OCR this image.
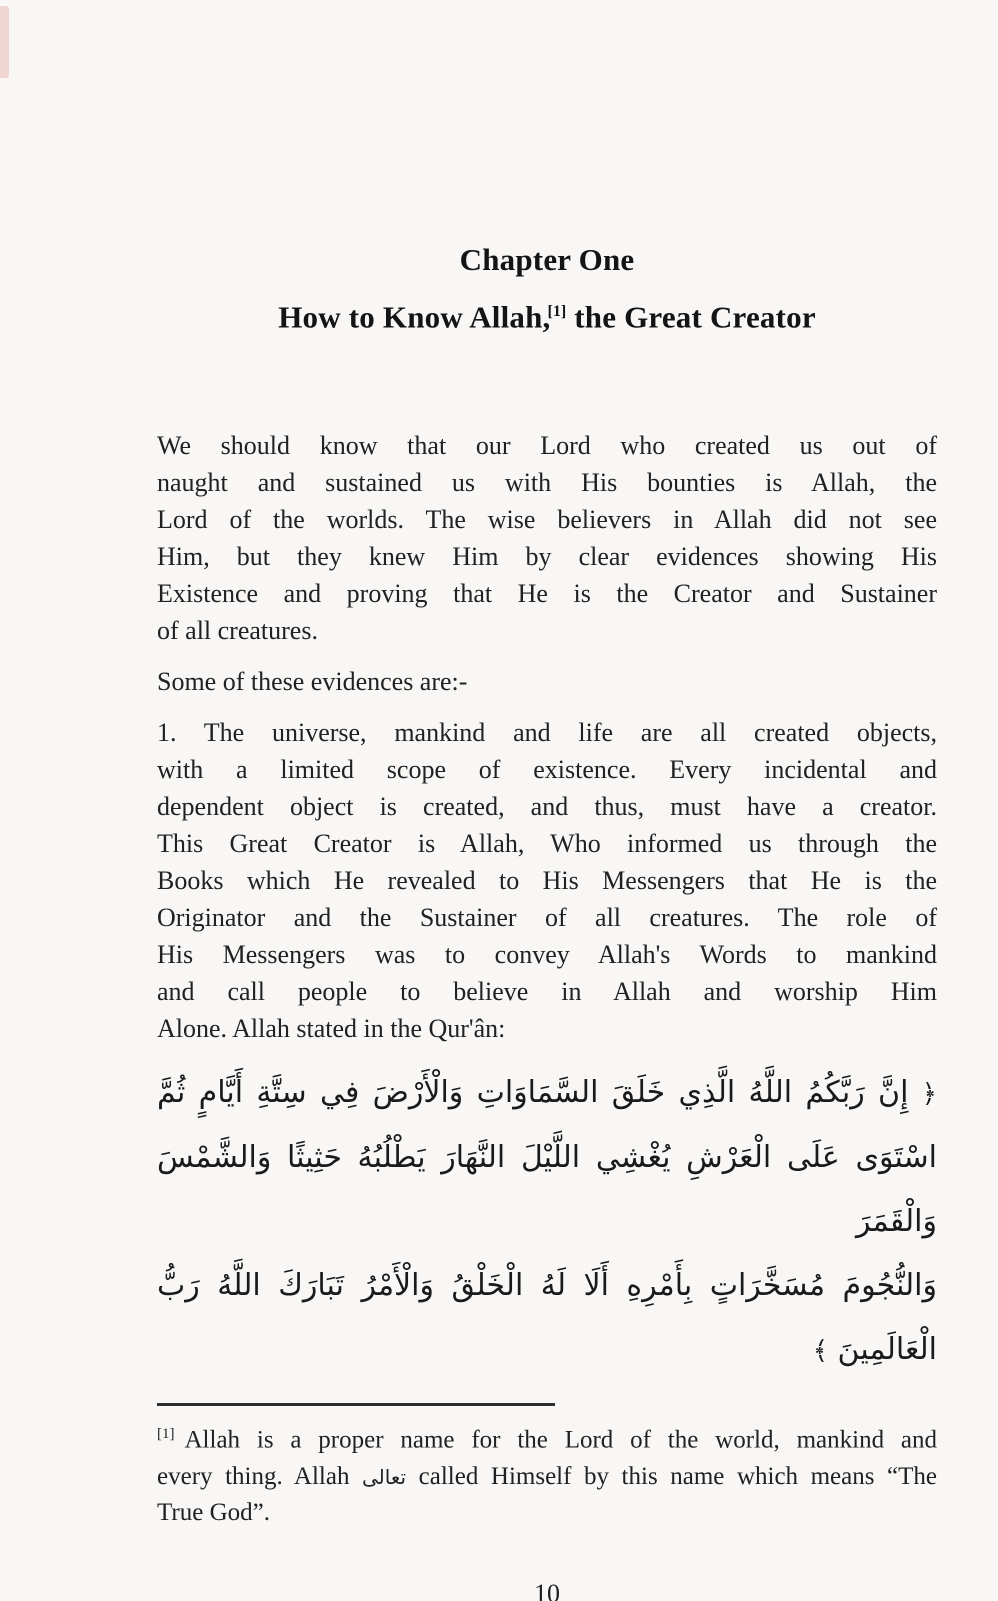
Chapter One
How to Know Allah,[1] the Great Creator
We should know that our Lord who created us out of
naught and sustained us with His bounties is Allah, the
Lord of the worlds. The wise believers in Allah did not see
Him, but they knew Him by clear evidences showing His
Existence and proving that He is the Creator and Sustainer
of all creatures.
Some of these evidences are:-
1. The universe, mankind and life are all created objects,
with a limited scope of existence. Every incidental and
dependent object is created, and thus, must have a creator.
This Great Creator is Allah, Who informed us through the
Books which He revealed to His Messengers that He is the
Originator and the Sustainer of all creatures. The role of
His Messengers was to convey Allah's Words to mankind
and call people to believe in Allah and worship Him
Alone. Allah stated in the Qur'ân:
﴿ إِنَّ رَبَّكُمُ اللَّهُ الَّذِي خَلَقَ السَّمَاوَاتِ وَالْأَرْضَ فِي سِتَّةِ أَيَّامٍ ثُمَّ
اسْتَوَى عَلَى الْعَرْشِ يُغْشِي اللَّيْلَ النَّهَارَ يَطْلُبُهُ حَثِيثًا وَالشَّمْسَ وَالْقَمَرَ
وَالنُّجُومَ مُسَخَّرَاتٍ بِأَمْرِهِ أَلَا لَهُ الْخَلْقُ وَالْأَمْرُ تَبَارَكَ اللَّهُ رَبُّ الْعَالَمِينَ ﴾
[1] Allah is a proper name for the Lord of the world, mankind and
every thing. Allah تعالى called Himself by this name which means “The
True God”.
10
